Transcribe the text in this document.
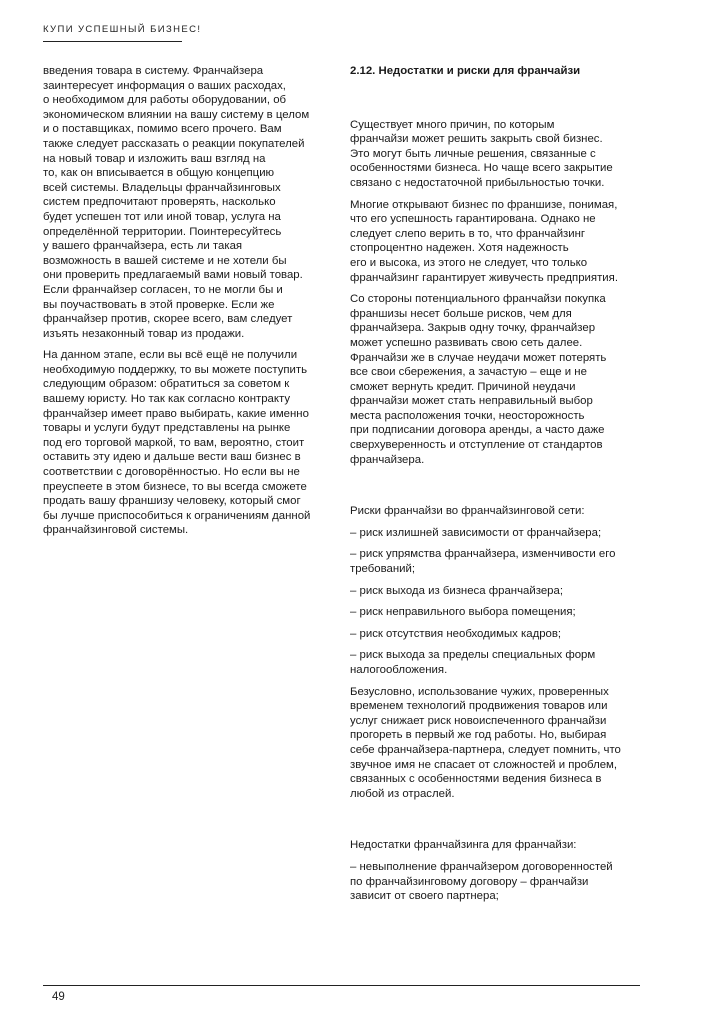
КУПИ УСПЕШНЫЙ БИЗНЕС!

введения товара в систему. Франчайзера
заинтересует информация о ваших расходах,
о необходимом для работы оборудовании, об
экономическом влиянии на вашу систему в целом
и о поставщиках, помимо всего прочего. Вам
также следует рассказать о реакции покупателей
на новый товар и изложить ваш взгляд на
то, как он вписывается в общую концепцию
всей системы. Владельцы франчайзинговых
систем предпочитают проверять, насколько
будет успешен тот или иной товар, услуга на
определённой территории. Поинтересуйтесь
у вашего франчайзера, есть ли такая
возможность в вашей системе и не хотели бы
они проверить предлагаемый вами новый товар.
Если франчайзер согласен, то не могли бы и
вы поучаствовать в этой проверке. Если же
франчайзер против, скорее всего, вам следует
изъять незаконный товар из продажи.

На данном этапе, если вы всё ещё не получили
необходимую поддержку, то вы можете поступить
следующим образом: обратиться за советом к
вашему юристу. Но так как согласно контракту
франчайзер имеет право выбирать, какие именно
товары и услуги будут представлены на рынке
под его торговой маркой, то вам, вероятно, стоит
оставить эту идею и дальше вести ваш бизнес в
соответствии с договорённостью. Но если вы не
преуспеете в этом бизнесе, то вы всегда сможете
продать вашу франшизу человеку, который смог
бы лучше приспособиться к ограничениям данной
франчайзинговой системы.

2.12. Недостатки и риски для франчайзи

Существует много причин, по которым
франчайзи может решить закрыть свой бизнес.
Это могут быть личные решения, связанные с
особенностями бизнеса. Но чаще всего закрытие
связано с недостаточной прибыльностью точки.

Многие открывают бизнес по франшизе, понимая,
что его успешность гарантирована. Однако не
следует слепо верить в то, что франчайзинг
стопроцентно надежен. Хотя надежность
его и высока, из этого не следует, что только
франчайзинг гарантирует живучесть предприятия.

Со стороны потенциального франчайзи покупка
франшизы несет больше рисков, чем для
франчайзера. Закрыв одну точку, франчайзер
может успешно развивать свою сеть далее.
Франчайзи же в случае неудачи может потерять
все свои сбережения, а зачастую – еще и не
сможет вернуть кредит. Причиной неудачи
франчайзи может стать неправильный выбор
места расположения точки, неосторожность
при подписании договора аренды, а часто даже
сверхуверенность и отступление от стандартов
франчайзера.

Риски франчайзи во франчайзинговой сети:

– риск излишней зависимости от франчайзера;

– риск упрямства франчайзера, изменчивости его
требований;

– риск выхода из бизнеса франчайзера;

– риск неправильного выбора помещения;

– риск отсутствия необходимых кадров;

– риск выхода за пределы специальных форм
налогообложения.

Безусловно, использование чужих, проверенных
временем технологий продвижения товаров или
услуг снижает риск новоиспеченного франчайзи
прогореть в первый же год работы. Но, выбирая
себе франчайзера-партнера, следует помнить, что
звучное имя не спасает от сложностей и проблем,
связанных с особенностями ведения бизнеса в
любой из отраслей.

Недостатки франчайзинга для франчайзи:

– невыполнение франчайзером договоренностей
по франчайзинговому договору – франчайзи
зависит от своего партнера;

49
